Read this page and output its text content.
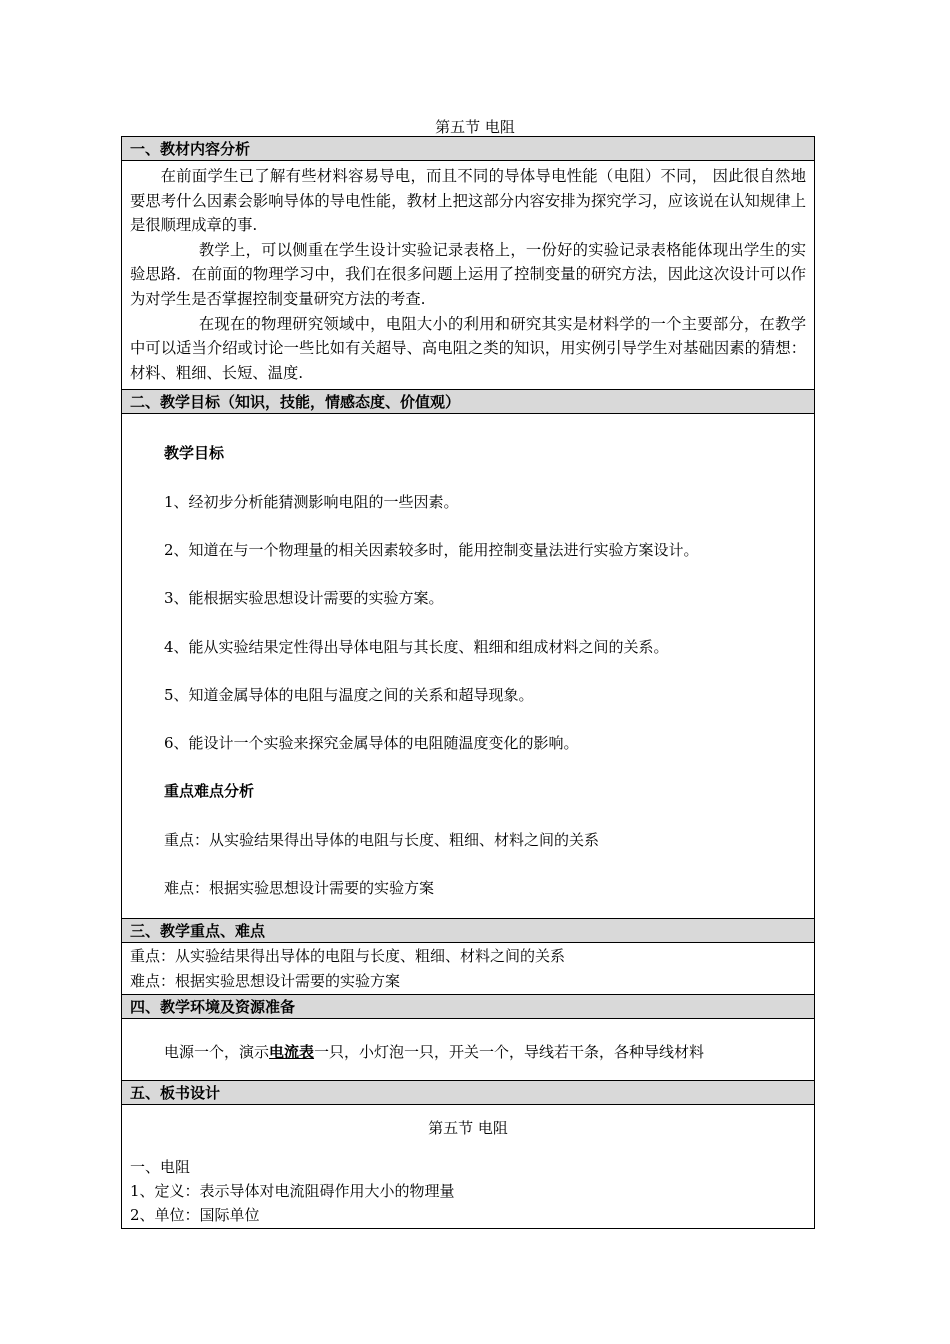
第五节 电阻
一、教材内容分析

在前面学生已了解有些材料容易导电，而且不同的导体导电性能（电阻）不同， 因此很自然地要思考什么因素会影响导体的导电性能，教材上把这部分内容安排为探究学习，应该说在认知规律上是很顺理成章的事.

教学上，可以侧重在学生设计实验记录表格上，一份好的实验记录表格能体现出学生的实验思路．在前面的物理学习中，我们在很多问题上运用了控制变量的研究方法，因此这次设计可以作为对学生是否掌握控制变量研究方法的考查.

在现在的物理研究领域中，电阻大小的利用和研究其实是材料学的一个主要部分，在教学中可以适当介绍或讨论一些比如有关超导、高电阻之类的知识，用实例引导学生对基础因素的猜想：材料、粗细、长短、温度.

二、教学目标（知识，技能，情感态度、价值观）
教学目标
1、经初步分析能猜测影响电阻的一些因素。
2、知道在与一个物理量的相关因素较多时，能用控制变量法进行实验方案设计。
3、能根据实验思想设计需要的实验方案。
4、能从实验结果定性得出导体电阻与其长度、粗细和组成材料之间的关系。
5、知道金属导体的电阻与温度之间的关系和超导现象。
6、能设计一个实验来探究金属导体的电阻随温度变化的影响。
重点难点分析
重点：从实验结果得出导体的电阻与长度、粗细、材料之间的关系
难点：根据实验思想设计需要的实验方案
三、教学重点、难点
重点：从实验结果得出导体的电阻与长度、粗细、材料之间的关系
难点：根据实验思想设计需要的实验方案
四、教学环境及资源准备
电源一个，演示电流表一只，小灯泡一只，开关一个，导线若干条，各种导线材料
五、板书设计
第五节 电阻
一、电阻
1、定义：表示导体对电流阻碍作用大小的物理量
2、单位：国际单位
